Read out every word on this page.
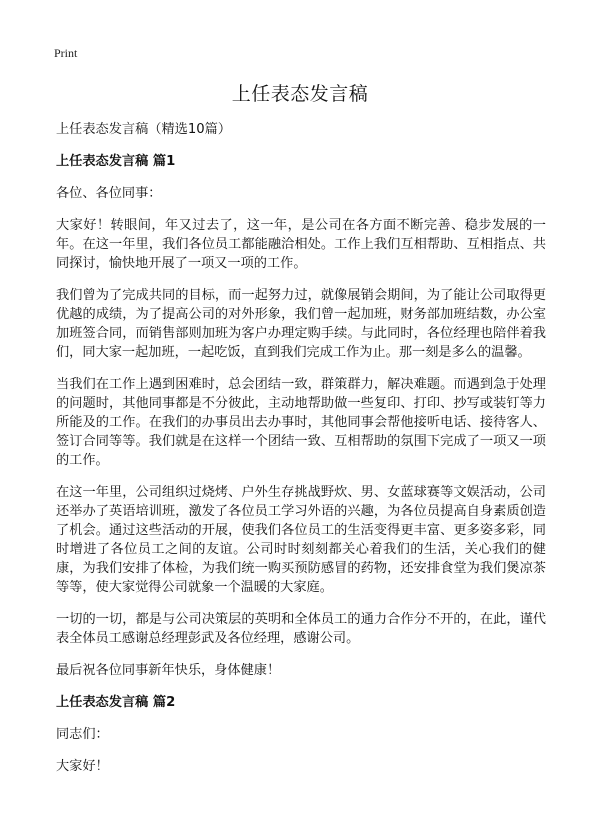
Print
上任表态发言稿

上任表态发言稿（精选10篇）

上任表态发言稿 篇1

各位、各位同事：

大家好！转眼间，年又过去了，这一年，是公司在各方面不断完善、稳步发展的一年。在这一年里，我们各位员工都能融洽相处。工作上我们互相帮助、互相指点、共同探讨，愉快地开展了一项又一项的工作。

我们曾为了完成共同的目标，而一起努力过，就像展销会期间，为了能让公司取得更优越的成绩，为了提高公司的对外形象，我们曾一起加班，财务部加班结数，办公室加班签合同，而销售部则加班为客户办理定购手续。与此同时，各位经理也陪伴着我们，同大家一起加班，一起吃饭，直到我们完成工作为止。那一刻是多么的温馨。

当我们在工作上遇到困难时，总会团结一致，群策群力，解决难题。而遇到急于处理的问题时，其他同事都是不分彼此，主动地帮助做一些复印、打印、抄写或装钉等力所能及的工作。在我们的办事员出去办事时，其他同事会帮他接听电话、接待客人、签订合同等等。我们就是在这样一个团结一致、互相帮助的氛围下完成了一项又一项的工作。

在这一年里，公司组织过烧烤、户外生存挑战野炊、男、女蓝球赛等文娱活动，公司还举办了英语培训班，激发了各位员工学习外语的兴趣，为各位员提高自身素质创造了机会。通过这些活动的开展，使我们各位员工的生活变得更丰富、更多姿多彩，同时增进了各位员工之间的友谊。公司时时刻刻都关心着我们的生活，关心我们的健康，为我们安排了体检，为我们统一购买预防感冒的药物，还安排食堂为我们煲凉茶等等，使大家觉得公司就象一个温暖的大家庭。

一切的一切，都是与公司决策层的英明和全体员工的通力合作分不开的，在此，谨代表全体员工感谢总经理彭武及各位经理，感谢公司。

最后祝各位同事新年快乐，身体健康！

上任表态发言稿 篇2

同志们：

大家好！
